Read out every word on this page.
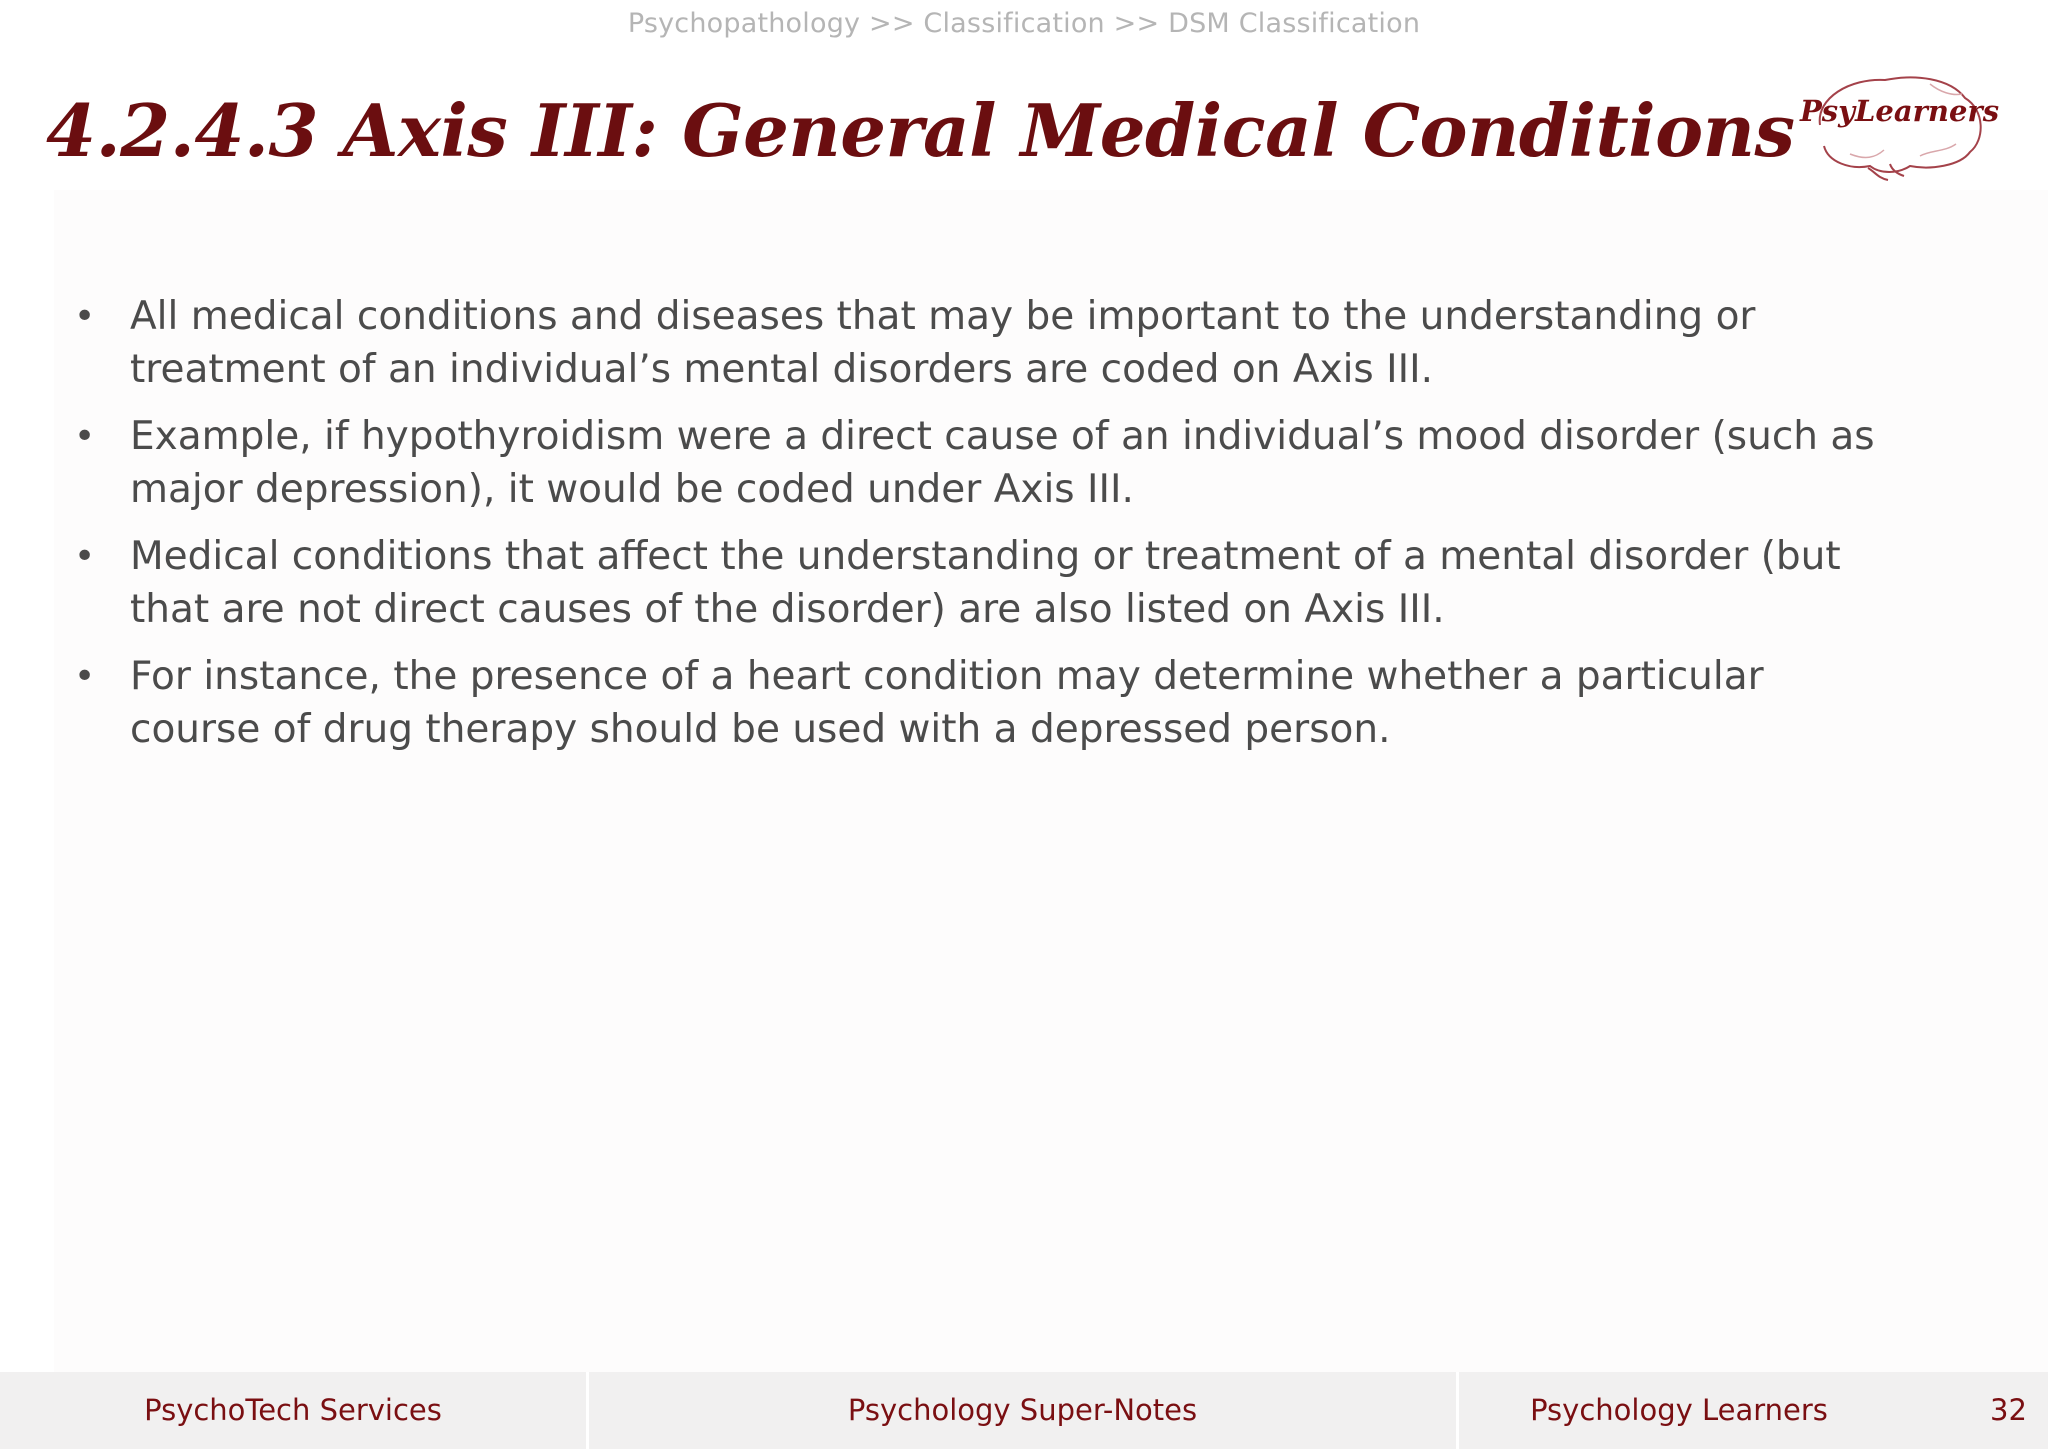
Psychopathology >> Classification >> DSM Classification
4.2.4.3 Axis III: General Medical Conditions PsyLearners
• All medical conditions and diseases that may be important to the understanding or
treatment of an individual’s mental disorders are coded on Axis III.
• Example, if hypothyroidism were a direct cause of an individual’s mood disorder (such as
major depression), it would be coded under Axis III.
• Medical conditions that affect the understanding or treatment of a mental disorder (but
that are not direct causes of the disorder) are also listed on Axis III.
• For instance, the presence of a heart condition may determine whether a particular
course of drug therapy should be used with a depressed person.
PsychoTech Services	Psychology Super-Notes	Psychology Learners	32
